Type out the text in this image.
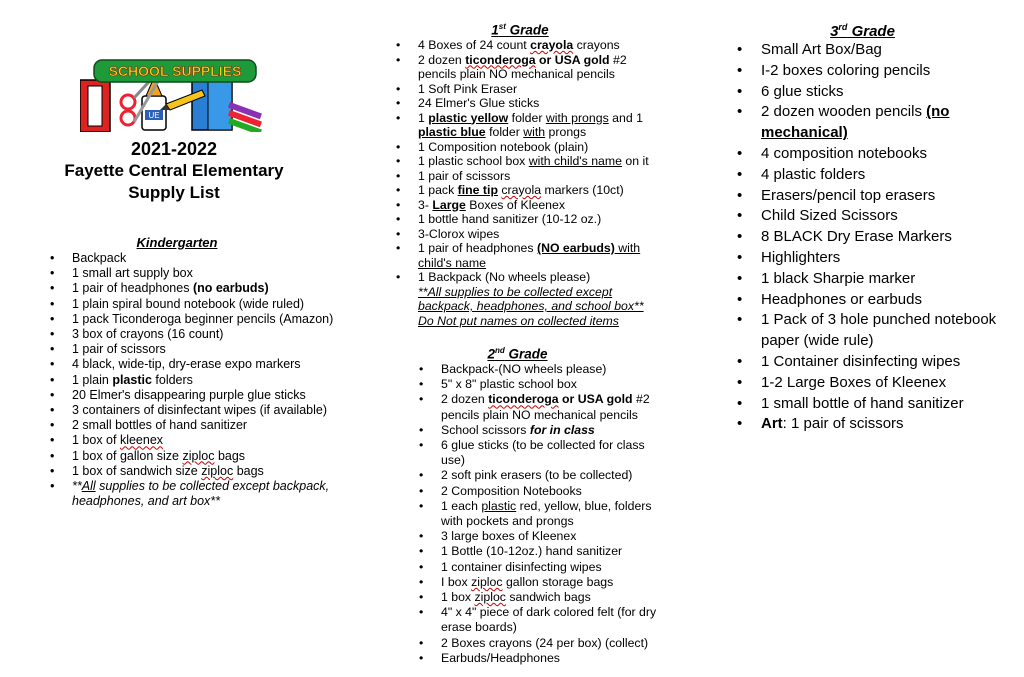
UE
SCHOOL SUPPLIES
2021-2022
Fayette Central Elementary
Supply List
Kindergarten
• Backpack
• 1 small art supply box
• 1 pair of headphones (no earbuds)
• 1 plain spiral bound notebook (wide ruled)
• 1 pack Ticonderoga beginner pencils (Amazon)
• 3 box of crayons (16 count)
• 1 pair of scissors
• 4 black, wide-tip, dry-erase expo markers
• 1 plain plastic folders
• 20 Elmer's disappearing purple glue sticks
• 3 containers of disinfectant wipes (if available)
• 2 small bottles of hand sanitizer
• 1 box of kleenex
• 1 box of gallon size ziploc bags
• 1 box of sandwich size ziploc bags
• **All supplies to be collected except backpack, headphones, and art box**
1st Grade
• 4 Boxes of 24 count crayola crayons
• 2 dozen ticonderoga or USA gold #2 pencils plain NO mechanical pencils
• 1 Soft Pink Eraser
• 24 Elmer's Glue sticks
• 1 plastic yellow folder with prongs and 1 plastic blue folder with prongs
• 1 Composition notebook (plain)
• 1 plastic school box with child's name on it
• 1 pair of scissors
• 1 pack fine tip crayola markers (10ct)
• 3- Large Boxes of Kleenex
• 1 bottle hand sanitizer (10-12 oz.)
• 3-Clorox wipes
• 1 pair of headphones (NO earbuds) with child's name
• 1 Backpack (No wheels please)
**All supplies to be collected except backpack, headphones, and school box** Do Not put names on collected items
2nd Grade
• Backpack-(NO wheels please)
• 5" x 8" plastic school box
• 2 dozen ticonderoga or USA gold #2 pencils plain NO mechanical pencils
• School scissors for in class
• 6 glue sticks (to be collected for class use)
• 2 soft pink erasers (to be collected)
• 2 Composition Notebooks
• 1 each plastic red, yellow, blue, folders with pockets and prongs
• 3 large boxes of Kleenex
• 1 Bottle (10-12oz.) hand sanitizer
• 1 container disinfecting wipes
• I box ziploc gallon storage bags
• 1 box ziploc sandwich bags
• 4" x 4" piece of dark colored felt (for dry erase boards)
• 2 Boxes crayons (24 per box) (collect)
• Earbuds/Headphones
3rd Grade
• Small Art Box/Bag
• I-2 boxes coloring pencils
• 6 glue sticks
• 2 dozen wooden pencils (no mechanical)
• 4 composition notebooks
• 4 plastic folders
• Erasers/pencil top erasers
• Child Sized Scissors
• 8 BLACK Dry Erase Markers
• Highlighters
• 1 black Sharpie marker
• Headphones or earbuds
• 1 Pack of 3 hole punched notebook paper (wide rule)
• 1 Container disinfecting wipes
• 1-2 Large Boxes of Kleenex
• 1 small bottle of hand sanitizer
• Art: 1 pair of scissors
